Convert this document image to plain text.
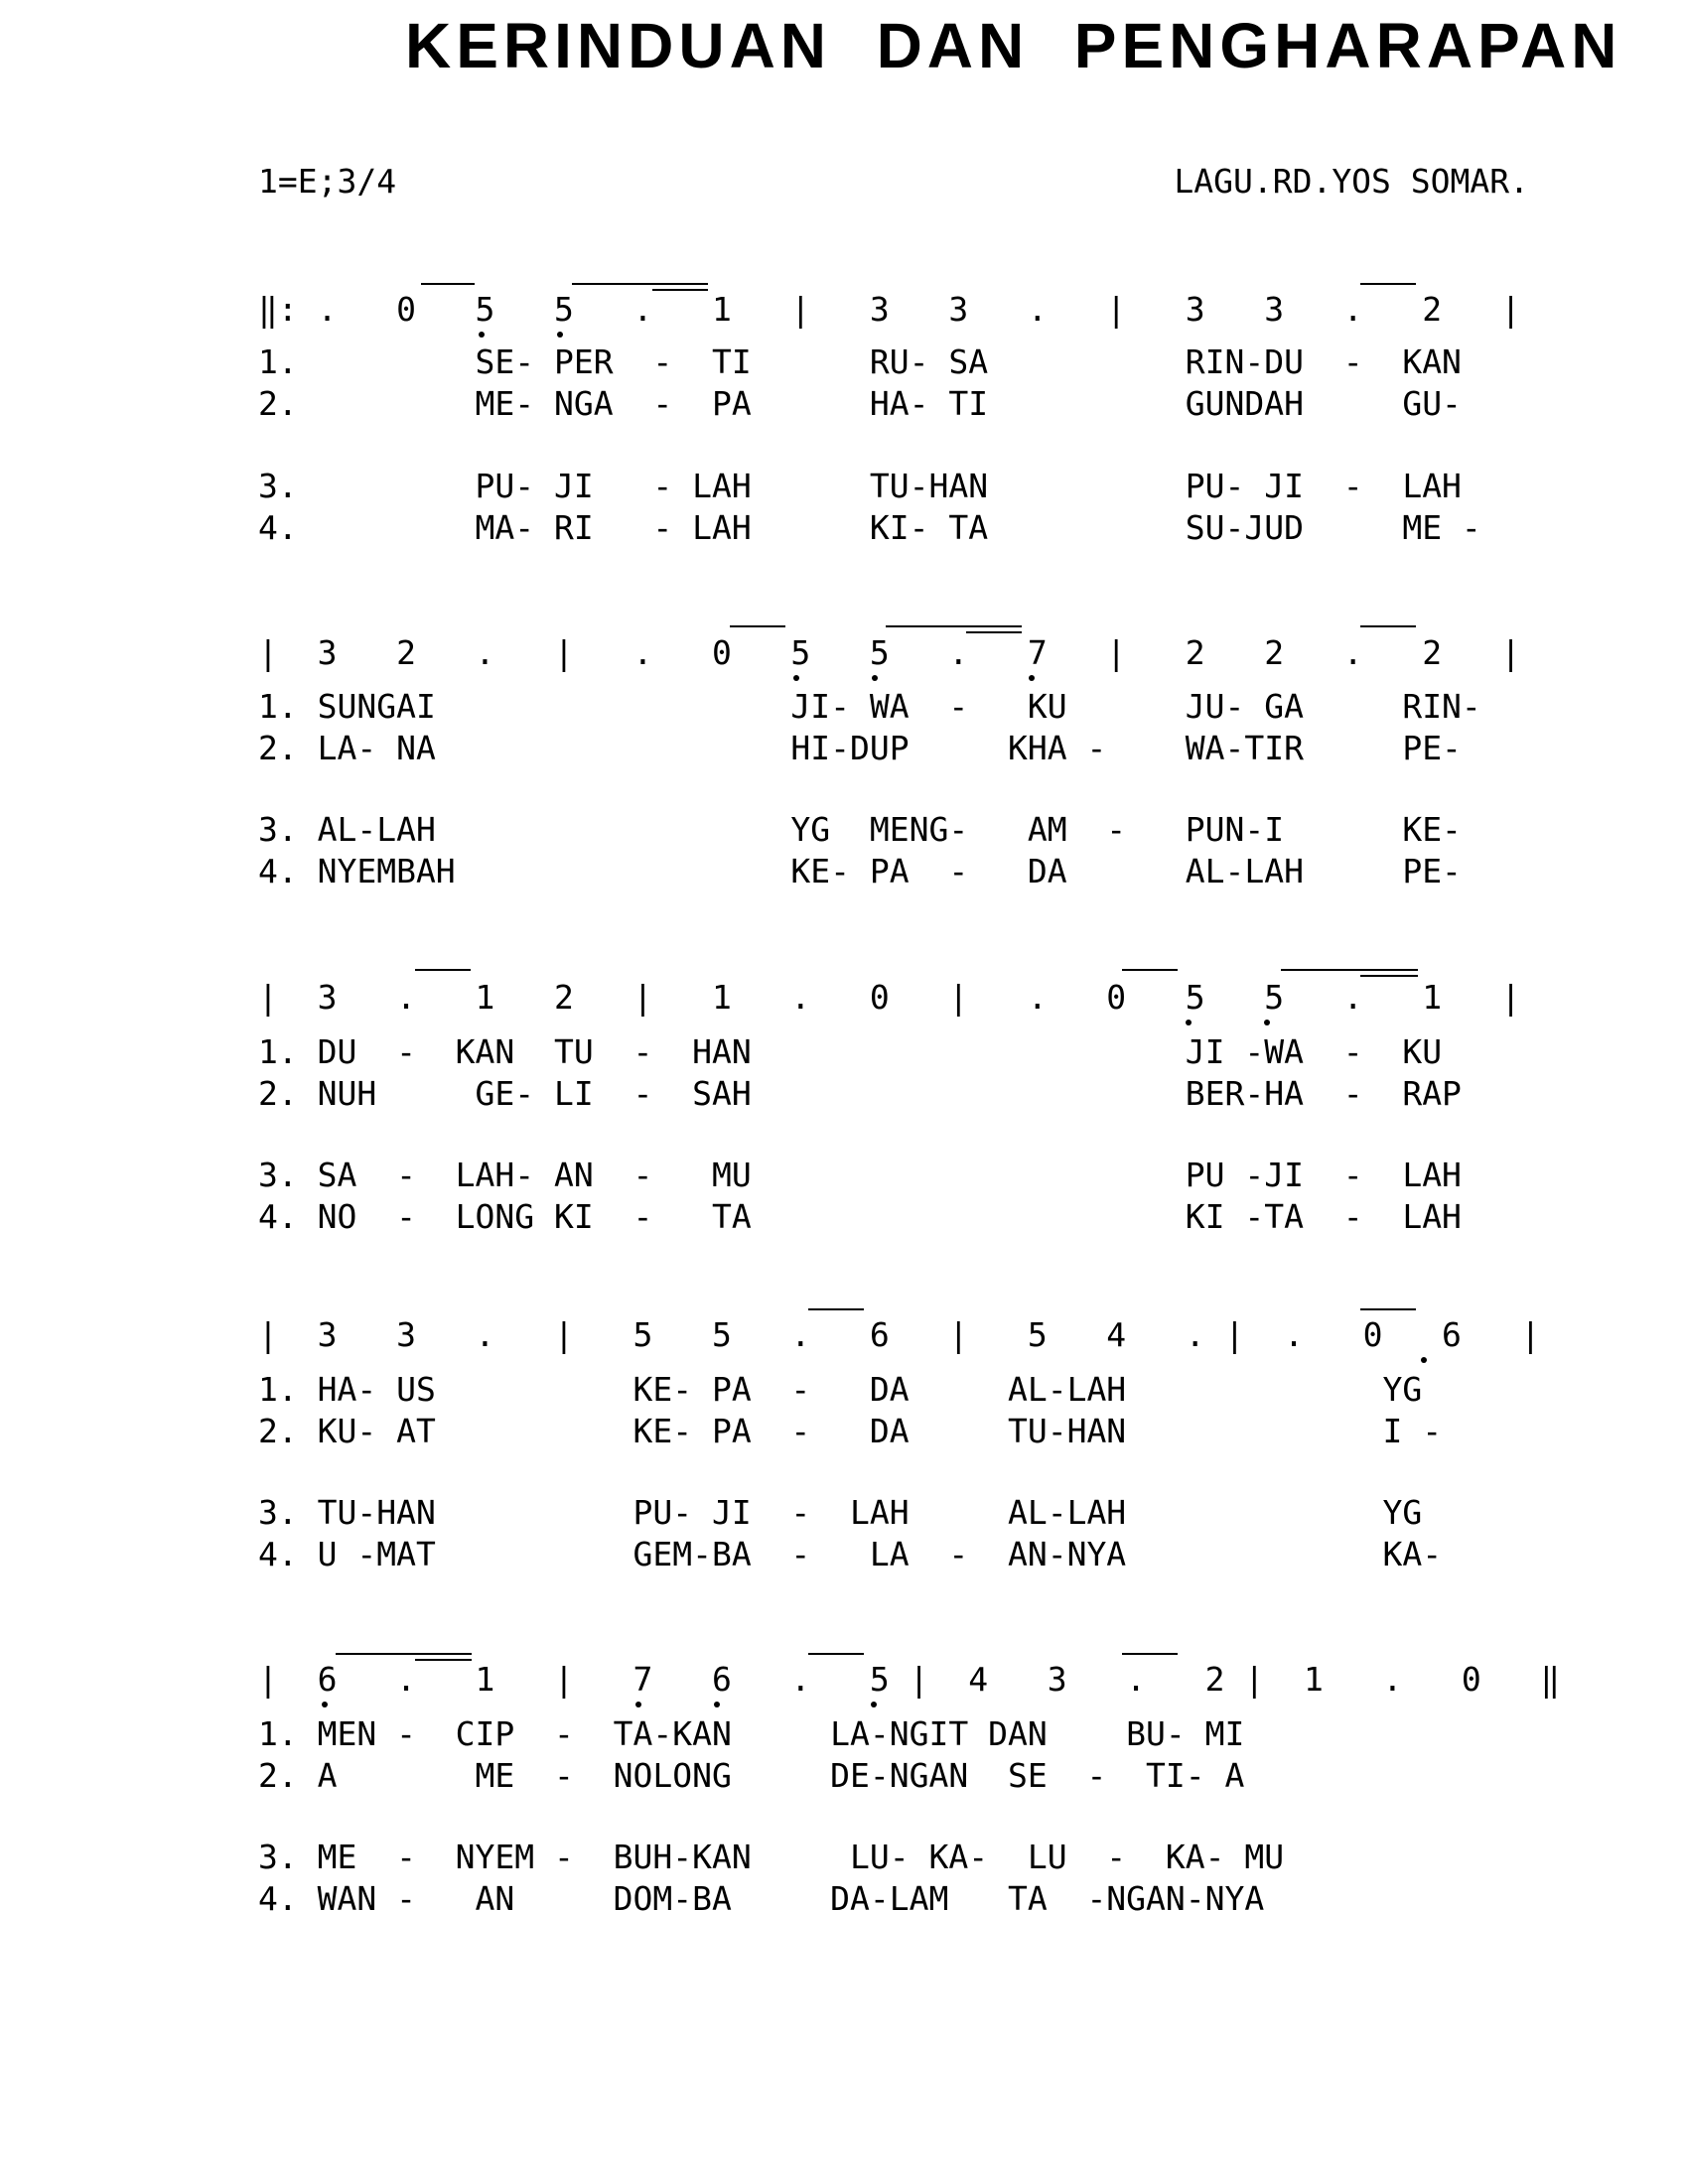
KERINDUAN  DAN  PENGHARAPAN
1=E;3/4	LAGU.RD.YOS SOMAR.
‖: .   0   5   5   .   1   |   3   3   .   |   3   3   .   2   |
1.         SE- PER  -  TI      RU- SA          RIN-DU  -  KAN
2.         ME- NGA  -  PA      HA- TI          GUNDAH     GU-
3.         PU- JI   - LAH      TU-HAN          PU- JI  -  LAH
4.         MA- RI   - LAH      KI- TA          SU-JUD     ME -
|  3   2   .   |   .   0   5   5   .   7   |   2   2   .   2   |
1. SUNGAI                  JI- WA  -   KU      JU- GA     RIN-
2. LA- NA                  HI-DUP     KHA -    WA-TIR     PE-
3. AL-LAH                  YG  MENG-   AM  -   PUN-I      KE-
4. NYEMBAH                 KE- PA  -   DA      AL-LAH     PE-
|  3   .   1   2   |   1   .   0   |   .   0   5   5   .   1   |
1. DU  -  KAN  TU  -  HAN                      JI -WA  -  KU
2. NUH     GE- LI  -  SAH                      BER-HA  -  RAP
3. SA  -  LAH- AN  -   MU                      PU -JI  -  LAH
4. NO  -  LONG KI  -   TA                      KI -TA  -  LAH
|  3   3   .   |   5   5   .   6   |   5   4   . |  .   0   6   |
1. HA- US          KE- PA  -   DA     AL-LAH             YG
2. KU- AT          KE- PA  -   DA     TU-HAN             I -
3. TU-HAN          PU- JI  -  LAH     AL-LAH             YG
4. U -MAT          GEM-BA  -   LA  -  AN-NYA             KA-
|  6   .   1   |   7   6   .   5 |  4   3   .   2 |  1   .   0   ‖
1. MEN -  CIP  -  TA-KAN     LA-NGIT DAN    BU- MI
2. A       ME  -  NOLONG     DE-NGAN  SE  -  TI- A
3. ME  -  NYEM -  BUH-KAN     LU- KA-  LU  -  KA- MU
4. WAN -   AN     DOM-BA     DA-LAM   TA  -NGAN-NYA
